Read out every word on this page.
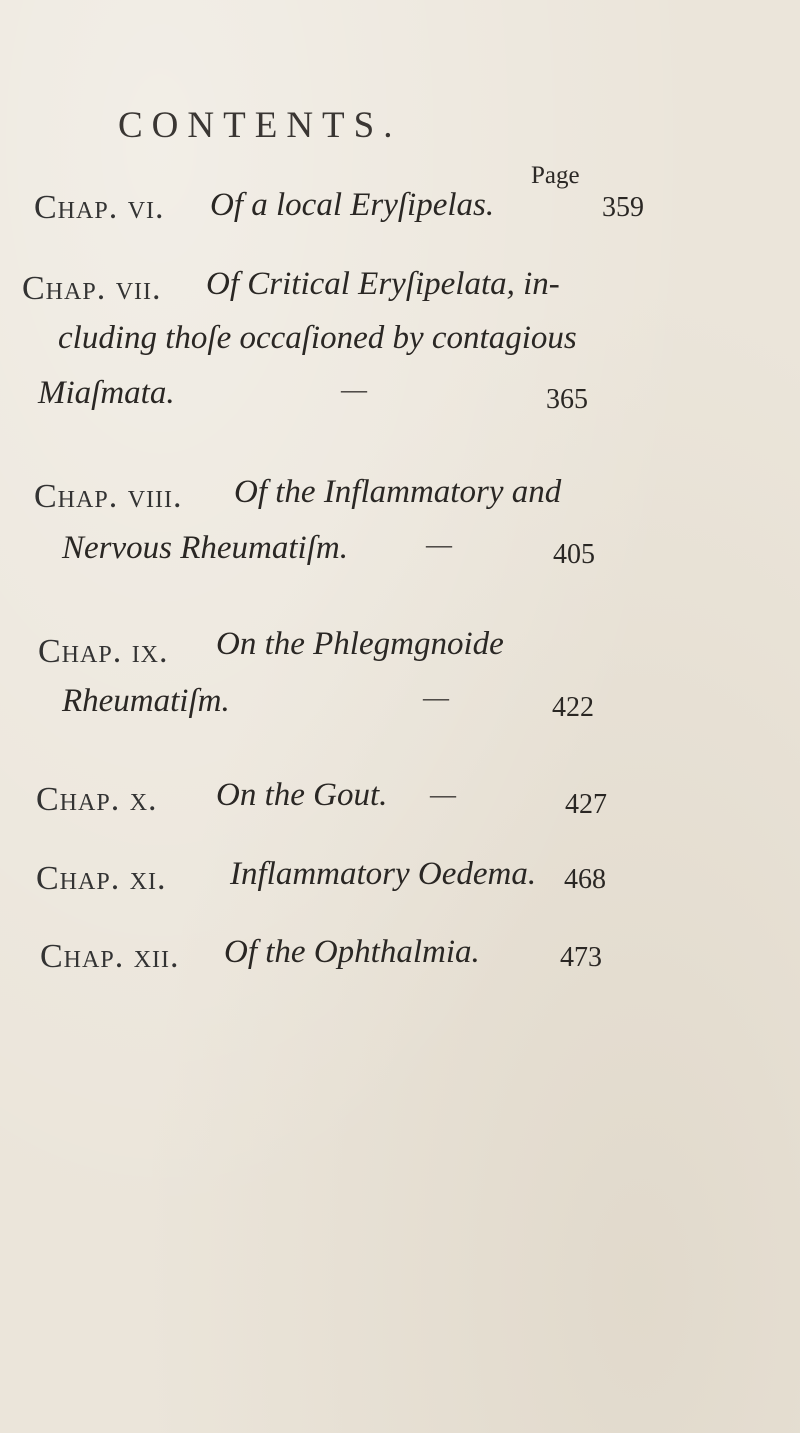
CONTENTS.
Page
Chap. vi. Of a local Eryſipelas.	359
Chap. vii. Of Critical Eryſipelata, in-
cluding thoſe occaſioned by contagious
Miaſmata.	—	365
Chap. viii. Of the Inflammatory and
Nervous Rheumatiſm.	—	405
Chap. ix. On the Phlegmgnoide
Rheumatiſm.	—	422
Chap. x. On the Gout. —	427
Chap. xi. Inflammatory Oedema. 468
Chap. xii. Of the Ophthalmia.	473
